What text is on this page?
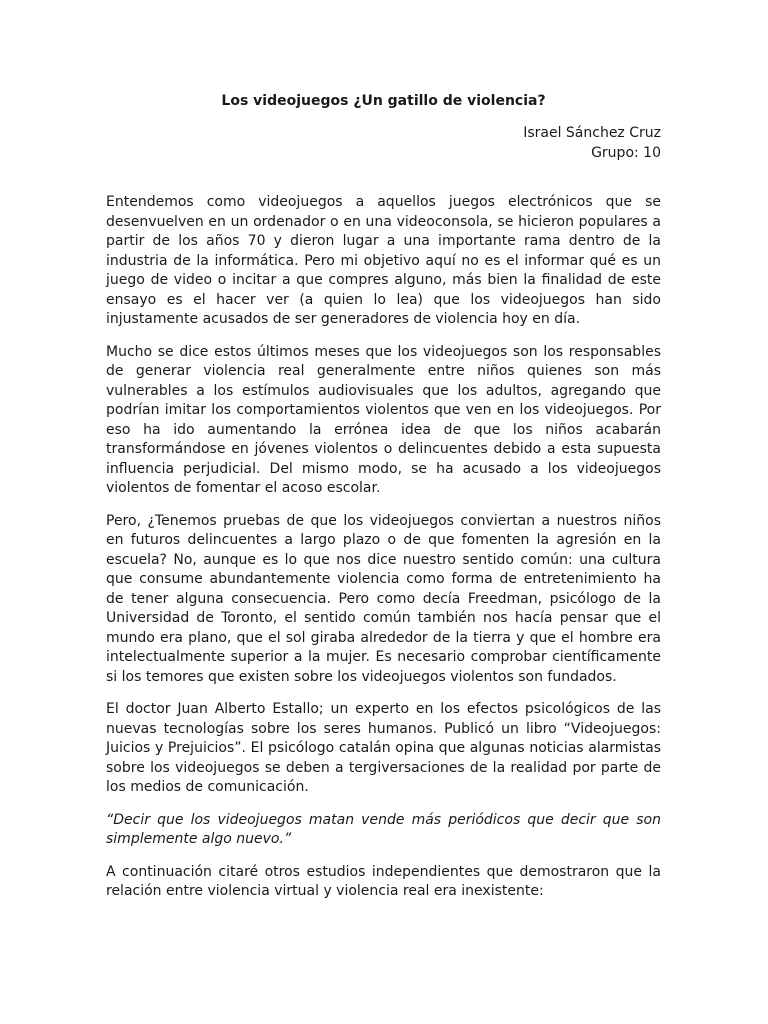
Los videojuegos ¿Un gatillo de violencia?
Israel Sánchez Cruz
Grupo: 10

Entendemos como videojuegos a aquellos juegos electrónicos que se desenvuelven en un ordenador o en una videoconsola, se hicieron populares a partir de los años 70 y dieron lugar a una importante rama dentro de la industria de la informática. Pero mi objetivo aquí no es el informar qué es un juego de video o incitar a que compres alguno, más bien la finalidad de este ensayo es el hacer ver (a quien lo lea) que los videojuegos han sido injustamente acusados de ser generadores de violencia hoy en día.

Mucho se dice estos últimos meses que los videojuegos son los responsables de generar violencia real generalmente entre niños quienes son más vulnerables a los estímulos audiovisuales que los adultos, agregando que podrían imitar los comportamientos violentos que ven en los videojuegos. Por eso ha ido aumentando la errónea idea de que los niños acabarán transformándose en jóvenes violentos o delincuentes debido a esta supuesta influencia perjudicial. Del mismo modo, se ha acusado a los videojuegos violentos de fomentar el acoso escolar.

Pero, ¿Tenemos pruebas de que los videojuegos conviertan a nuestros niños en futuros delincuentes a largo plazo o de que fomenten la agresión en la escuela? No, aunque es lo que nos dice nuestro sentido común: una cultura que consume abundantemente violencia como forma de entretenimiento ha de tener alguna consecuencia. Pero como decía Freedman, psicólogo de la Universidad de Toronto, el sentido común también nos hacía pensar que el mundo era plano, que el sol giraba alrededor de la tierra y que el hombre era intelectualmente superior a la mujer. Es necesario comprobar científicamente si los temores que existen sobre los videojuegos violentos son fundados.

El doctor Juan Alberto Estallo; un experto en los efectos psicológicos de las nuevas tecnologías sobre los seres humanos. Publicó un libro “Videojuegos: Juicios y Prejuicios”. El psicólogo catalán opina que algunas noticias alarmistas sobre los videojuegos se deben a tergiversaciones de la realidad por parte de los medios de comunicación.

“Decir que los videojuegos matan vende más periódicos que decir que son simplemente algo nuevo.”

A continuación citaré otros estudios independientes que demostraron que la relación entre violencia virtual y violencia real era inexistente:
